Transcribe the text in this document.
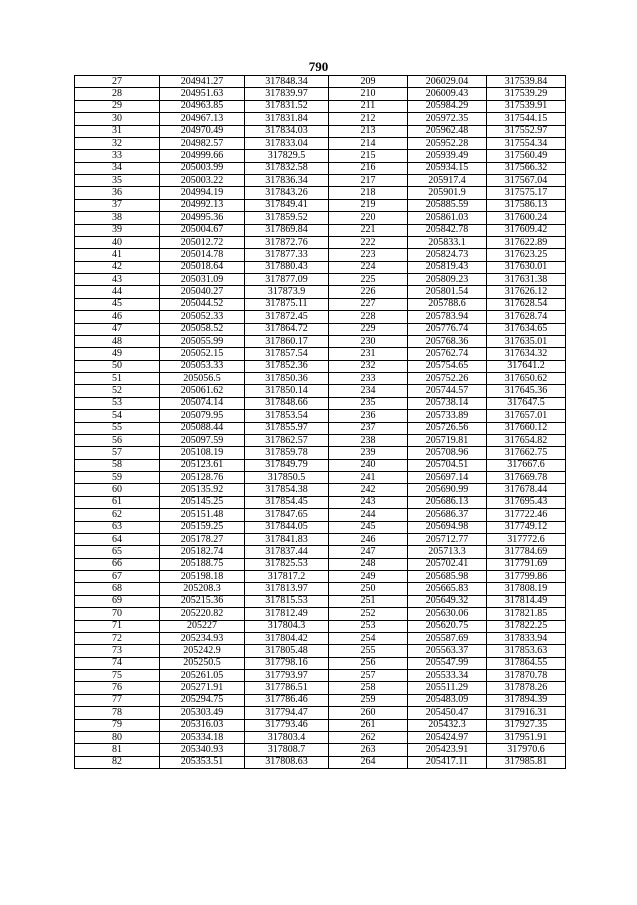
790
27	204941.27	317848.34	209	206029.04	317539.84
28	204951.63	317839.97	210	206009.43	317539.29
29	204963.85	317831.52	211	205984.29	317539.91
30	204967.13	317831.84	212	205972.35	317544.15
31	204970.49	317834.03	213	205962.48	317552.97
32	204982.57	317833.04	214	205952.28	317554.34
33	204999.66	317829.5	215	205939.49	317560.49
34	205003.99	317832.58	216	205934.15	317566.32
35	205003.22	317836.34	217	205917.4	317567.04
36	204994.19	317843.26	218	205901.9	317575.17
37	204992.13	317849.41	219	205885.59	317586.13
38	204995.36	317859.52	220	205861.03	317600.24
39	205004.67	317869.84	221	205842.78	317609.42
40	205012.72	317872.76	222	205833.1	317622.89
41	205014.78	317877.33	223	205824.73	317623.25
42	205018.64	317880.43	224	205819.43	317630.01
43	205031.09	317877.09	225	205809.23	317631.38
44	205040.27	317873.9	226	205801.54	317626.12
45	205044.52	317875.11	227	205788.6	317628.54
46	205052.33	317872.45	228	205783.94	317628.74
47	205058.52	317864.72	229	205776.74	317634.65
48	205055.99	317860.17	230	205768.36	317635.01
49	205052.15	317857.54	231	205762.74	317634.32
50	205053.33	317852.36	232	205754.65	317641.2
51	205056.5	317850.36	233	205752.26	317650.62
52	205061.62	317850.14	234	205744.57	317645.36
53	205074.14	317848.66	235	205738.14	317647.5
54	205079.95	317853.54	236	205733.89	317657.01
55	205088.44	317855.97	237	205726.56	317660.12
56	205097.59	317862.57	238	205719.81	317654.82
57	205108.19	317859.78	239	205708.96	317662.75
58	205123.61	317849.79	240	205704.51	317667.6
59	205128.76	317850.5	241	205697.14	317669.78
60	205135.92	317854.38	242	205690.99	317678.44
61	205145.25	317854.45	243	205686.13	317695.43
62	205151.48	317847.65	244	205686.37	317722.46
63	205159.25	317844.05	245	205694.98	317749.12
64	205178.27	317841.83	246	205712.77	317772.6
65	205182.74	317837.44	247	205713.3	317784.69
66	205188.75	317825.53	248	205702.41	317791.69
67	205198.18	317817.2	249	205685.98	317799.86
68	205208.3	317813.97	250	205665.83	317808.19
69	205215.36	317815.53	251	205649.32	317814.49
70	205220.82	317812.49	252	205630.06	317821.85
71	205227	317804.3	253	205620.75	317822.25
72	205234.93	317804.42	254	205587.69	317833.94
73	205242.9	317805.48	255	205563.37	317853.63
74	205250.5	317798.16	256	205547.99	317864.55
75	205261.05	317793.97	257	205533.34	317870.78
76	205271.91	317786.51	258	205511.29	317878.26
77	205294.75	317786.46	259	205483.09	317894.39
78	205303.49	317794.47	260	205450.47	317916.31
79	205316.03	317793.46	261	205432.3	317927.35
80	205334.18	317803.4	262	205424.97	317951.91
81	205340.93	317808.7	263	205423.91	317970.6
82	205353.51	317808.63	264	205417.11	317985.81
